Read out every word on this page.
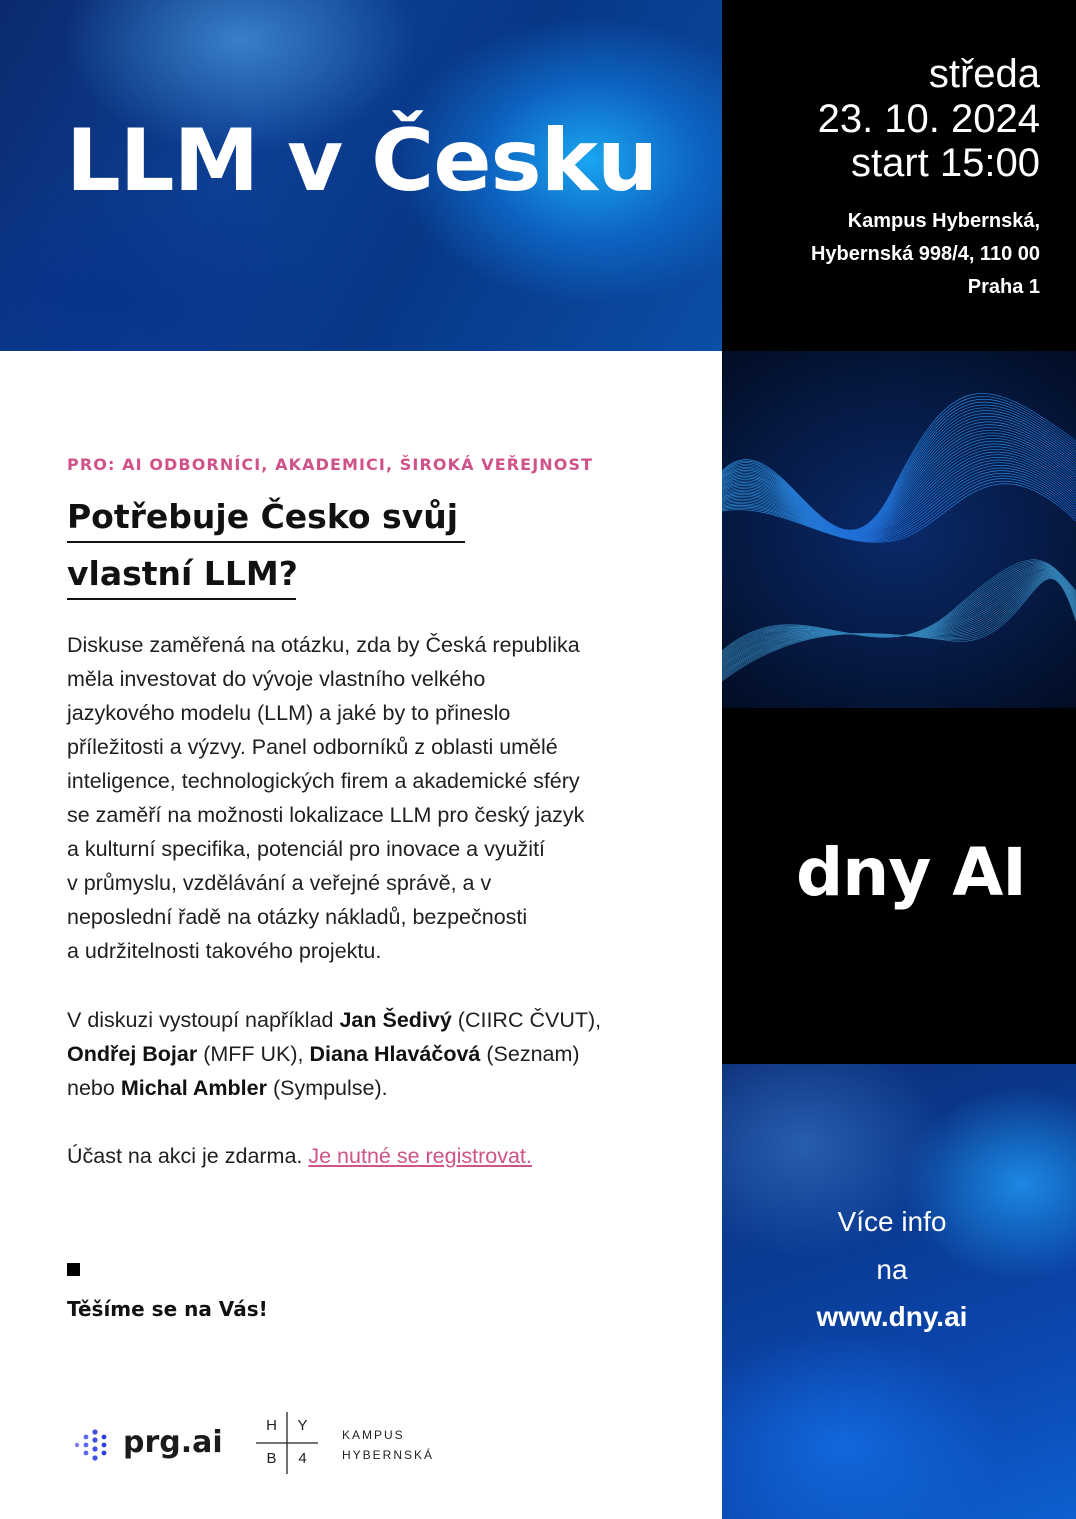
LLM v Česku
středa
23. 10. 2024
start 15:00
Kampus Hybernská,
Hybernská 998/4, 110 00
Praha 1
dny AI
Více info
na
www.dny.ai
PRO: AI ODBORNÍCI, AKADEMICI, ŠIROKÁ VEŘEJNOST
Potřebuje Česko svůj
vlastní LLM?
Diskuse zaměřená na otázku, zda by Česká republika
měla investovat do vývoje vlastního velkého
jazykového modelu (LLM) a jaké by to přineslo
příležitosti a výzvy. Panel odborníků z oblasti umělé
inteligence, technologických firem a akademické sféry
se zaměří na možnosti lokalizace LLM pro český jazyk
a kulturní specifika, potenciál pro inovace a využití
v průmyslu, vzdělávání a veřejné správě, a v
neposlední řadě na otázky nákladů, bezpečnosti
a udržitelnosti takového projektu.
V diskuzi vystoupí například Jan Šedivý (CIIRC ČVUT),
Ondřej Bojar (MFF UK), Diana Hlaváčová (Seznam)
nebo Michal Ambler (Sympulse).
Účast na akci je zdarma. Je nutné se registrovat.
Těšíme se na Vás!
prg.ai	H	Y
B	4
KAMPUS
HYBERNSKÁ
